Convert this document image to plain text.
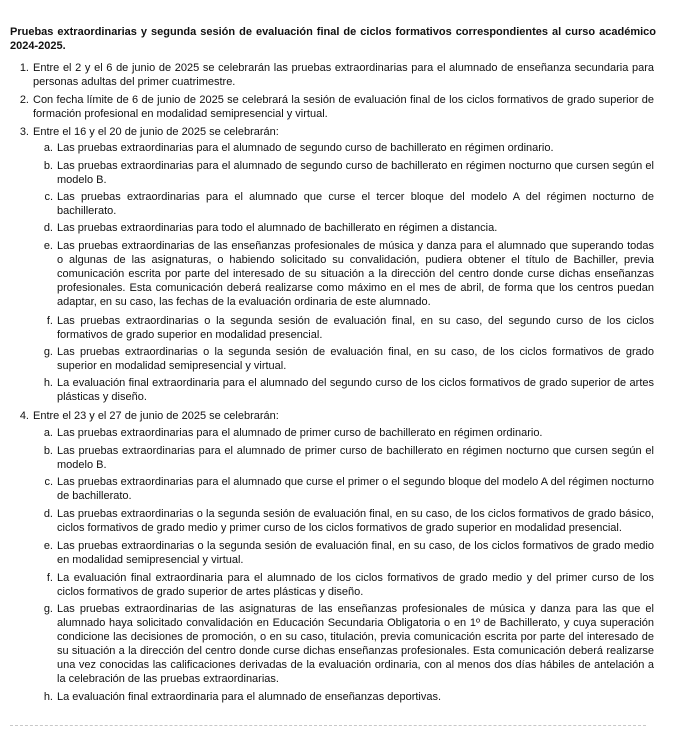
Pruebas extraordinarias y segunda sesión de evaluación final de ciclos formativos correspondientes al curso académico 2024-2025.
1. Entre el 2 y el 6 de junio de 2025 se celebrarán las pruebas extraordinarias para el alumnado de enseñanza secundaria para personas adultas del primer cuatrimestre.
2. Con fecha límite de 6 de junio de 2025 se celebrará la sesión de evaluación final de los ciclos formativos de grado superior de formación profesional en modalidad semipresencial y virtual.
3. Entre el 16 y el 20 de junio de 2025 se celebrarán:
a. Las pruebas extraordinarias para el alumnado de segundo curso de bachillerato en régimen ordinario.
b. Las pruebas extraordinarias para el alumnado de segundo curso de bachillerato en régimen nocturno que cursen según el modelo B.
c. Las pruebas extraordinarias para el alumnado que curse el tercer bloque del modelo A del régimen nocturno de bachillerato.
d. Las pruebas extraordinarias para todo el alumnado de bachillerato en régimen a distancia.
e. Las pruebas extraordinarias de las enseñanzas profesionales de música y danza para el alumnado que superando todas o algunas de las asignaturas, o habiendo solicitado su convalidación, pudiera obtener el título de Bachiller, previa comunicación escrita por parte del interesado de su situación a la dirección del centro donde curse dichas enseñanzas profesionales. Esta comunicación deberá realizarse como máximo en el mes de abril, de forma que los centros puedan adaptar, en su caso, las fechas de la evaluación ordinaria de este alumnado.
f. Las pruebas extraordinarias o la segunda sesión de evaluación final, en su caso, del segundo curso de los ciclos formativos de grado superior en modalidad presencial.
g. Las pruebas extraordinarias o la segunda sesión de evaluación final, en su caso, de los ciclos formativos de grado superior en modalidad semipresencial y virtual.
h. La evaluación final extraordinaria para el alumnado del segundo curso de los ciclos formativos de grado superior de artes plásticas y diseño.
4. Entre el 23 y el 27 de junio de 2025 se celebrarán:
a. Las pruebas extraordinarias para el alumnado de primer curso de bachillerato en régimen ordinario.
b. Las pruebas extraordinarias para el alumnado de primer curso de bachillerato en régimen nocturno que cursen según el modelo B.
c. Las pruebas extraordinarias para el alumnado que curse el primer o el segundo bloque del modelo A del régimen nocturno de bachillerato.
d. Las pruebas extraordinarias o la segunda sesión de evaluación final, en su caso, de los ciclos formativos de grado básico, ciclos formativos de grado medio y primer curso de los ciclos formativos de grado superior en modalidad presencial.
e. Las pruebas extraordinarias o la segunda sesión de evaluación final, en su caso, de los ciclos formativos de grado medio en modalidad semipresencial y virtual.
f. La evaluación final extraordinaria para el alumnado de los ciclos formativos de grado medio y del primer curso de los ciclos formativos de grado superior de artes plásticas y diseño.
g. Las pruebas extraordinarias de las asignaturas de las enseñanzas profesionales de música y danza para las que el alumnado haya solicitado convalidación en Educación Secundaria Obligatoria o en 1º de Bachillerato, y cuya superación condicione las decisiones de promoción, o en su caso, titulación, previa comunicación escrita por parte del interesado de su situación a la dirección del centro donde curse dichas enseñanzas profesionales. Esta comunicación deberá realizarse una vez conocidas las calificaciones derivadas de la evaluación ordinaria, con al menos dos días hábiles de antelación a la celebración de las pruebas extraordinarias.
h. La evaluación final extraordinaria para el alumnado de enseñanzas deportivas.
